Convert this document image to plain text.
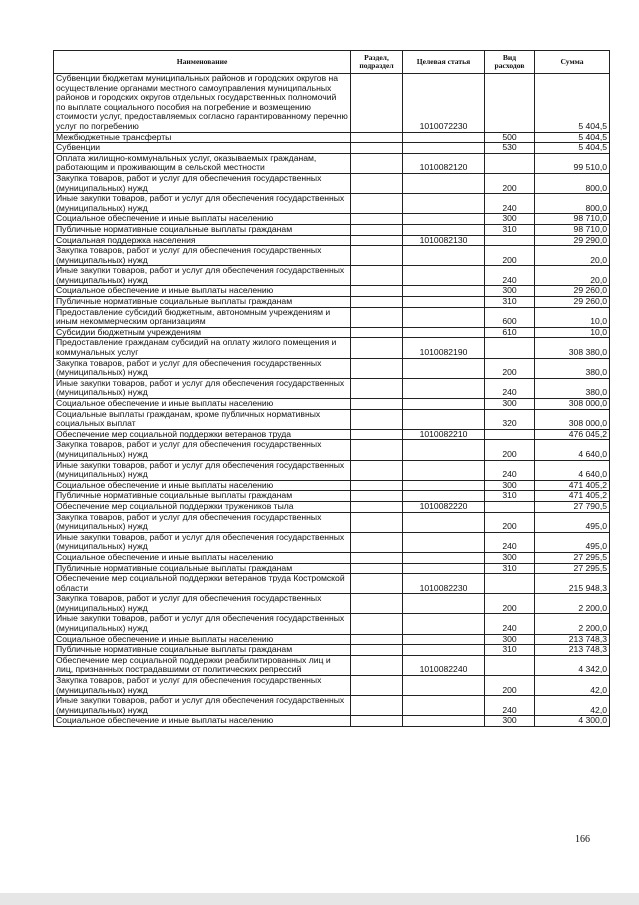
Наименование	Раздел, подраздел	Целевая статья	Вид расходов	Сумма
Субвенции бюджетам муниципальных районов и городских округов на осуществление органами местного самоуправления муниципальных районов и городских округов отдельных государственных полномочий по выплате социального пособия на погребение и возмещению стоимости услуг, предоставляемых согласно гарантированному перечню услуг по погребению		1010072230		5 404,5
Межбюджетные трансферты			500	5 404,5
Субвенции			530	5 404,5
Оплата жилищно-коммунальных услуг, оказываемых гражданам, работающим и проживающим в сельской местности		1010082120		99 510,0
Закупка товаров, работ и услуг для обеспечения государственных (муниципальных) нужд			200	800,0
Иные закупки товаров, работ и услуг для обеспечения государственных (муниципальных) нужд			240	800,0
Социальное обеспечение и иные выплаты населению			300	98 710,0
Публичные нормативные социальные выплаты гражданам			310	98 710,0
Социальная поддержка населения		1010082130		29 290,0
Закупка товаров, работ и услуг для обеспечения государственных (муниципальных) нужд			200	20,0
Иные закупки товаров, работ и услуг для обеспечения государственных (муниципальных) нужд			240	20,0
Социальное обеспечение и иные выплаты населению			300	29 260,0
Публичные нормативные социальные выплаты гражданам			310	29 260,0
Предоставление субсидий бюджетным, автономным учреждениям и иным некоммерческим организациям			600	10,0
Субсидии бюджетным учреждениям			610	10,0
Предоставление гражданам субсидий на оплату жилого помещения и коммунальных услуг		1010082190		308 380,0
Закупка товаров, работ и услуг для обеспечения государственных (муниципальных) нужд			200	380,0
Иные закупки товаров, работ и услуг для обеспечения государственных (муниципальных) нужд			240	380,0
Социальное обеспечение и иные выплаты населению			300	308 000,0
Социальные выплаты гражданам, кроме публичных нормативных социальных выплат			320	308 000,0
Обеспечение мер социальной поддержки ветеранов труда		1010082210		476 045,2
Закупка товаров, работ и услуг для обеспечения государственных (муниципальных) нужд			200	4 640,0
Иные закупки товаров, работ и услуг для обеспечения государственных (муниципальных) нужд			240	4 640,0
Социальное обеспечение и иные выплаты населению			300	471 405,2
Публичные нормативные социальные выплаты гражданам			310	471 405,2
Обеспечение мер социальной поддержки тружеников тыла		1010082220		27 790,5
Закупка товаров, работ и услуг для обеспечения государственных (муниципальных) нужд			200	495,0
Иные закупки товаров, работ и услуг для обеспечения государственных (муниципальных) нужд			240	495,0
Социальное обеспечение и иные выплаты населению			300	27 295,5
Публичные нормативные социальные выплаты гражданам			310	27 295,5
Обеспечение мер социальной поддержки ветеранов труда Костромской области		1010082230		215 948,3
Закупка товаров, работ и услуг для обеспечения государственных (муниципальных) нужд			200	2 200,0
Иные закупки товаров, работ и услуг для обеспечения государственных (муниципальных) нужд			240	2 200,0
Социальное обеспечение и иные выплаты населению			300	213 748,3
Публичные нормативные социальные выплаты гражданам			310	213 748,3
Обеспечение мер социальной поддержки реабилитированных лиц и лиц, признанных пострадавшими от политических репрессий		1010082240		4 342,0
Закупка товаров, работ и услуг для обеспечения государственных (муниципальных) нужд			200	42,0
Иные закупки товаров, работ и услуг для обеспечения государственных (муниципальных) нужд			240	42,0
Социальное обеспечение и иные выплаты населению			300	4 300,0
166
